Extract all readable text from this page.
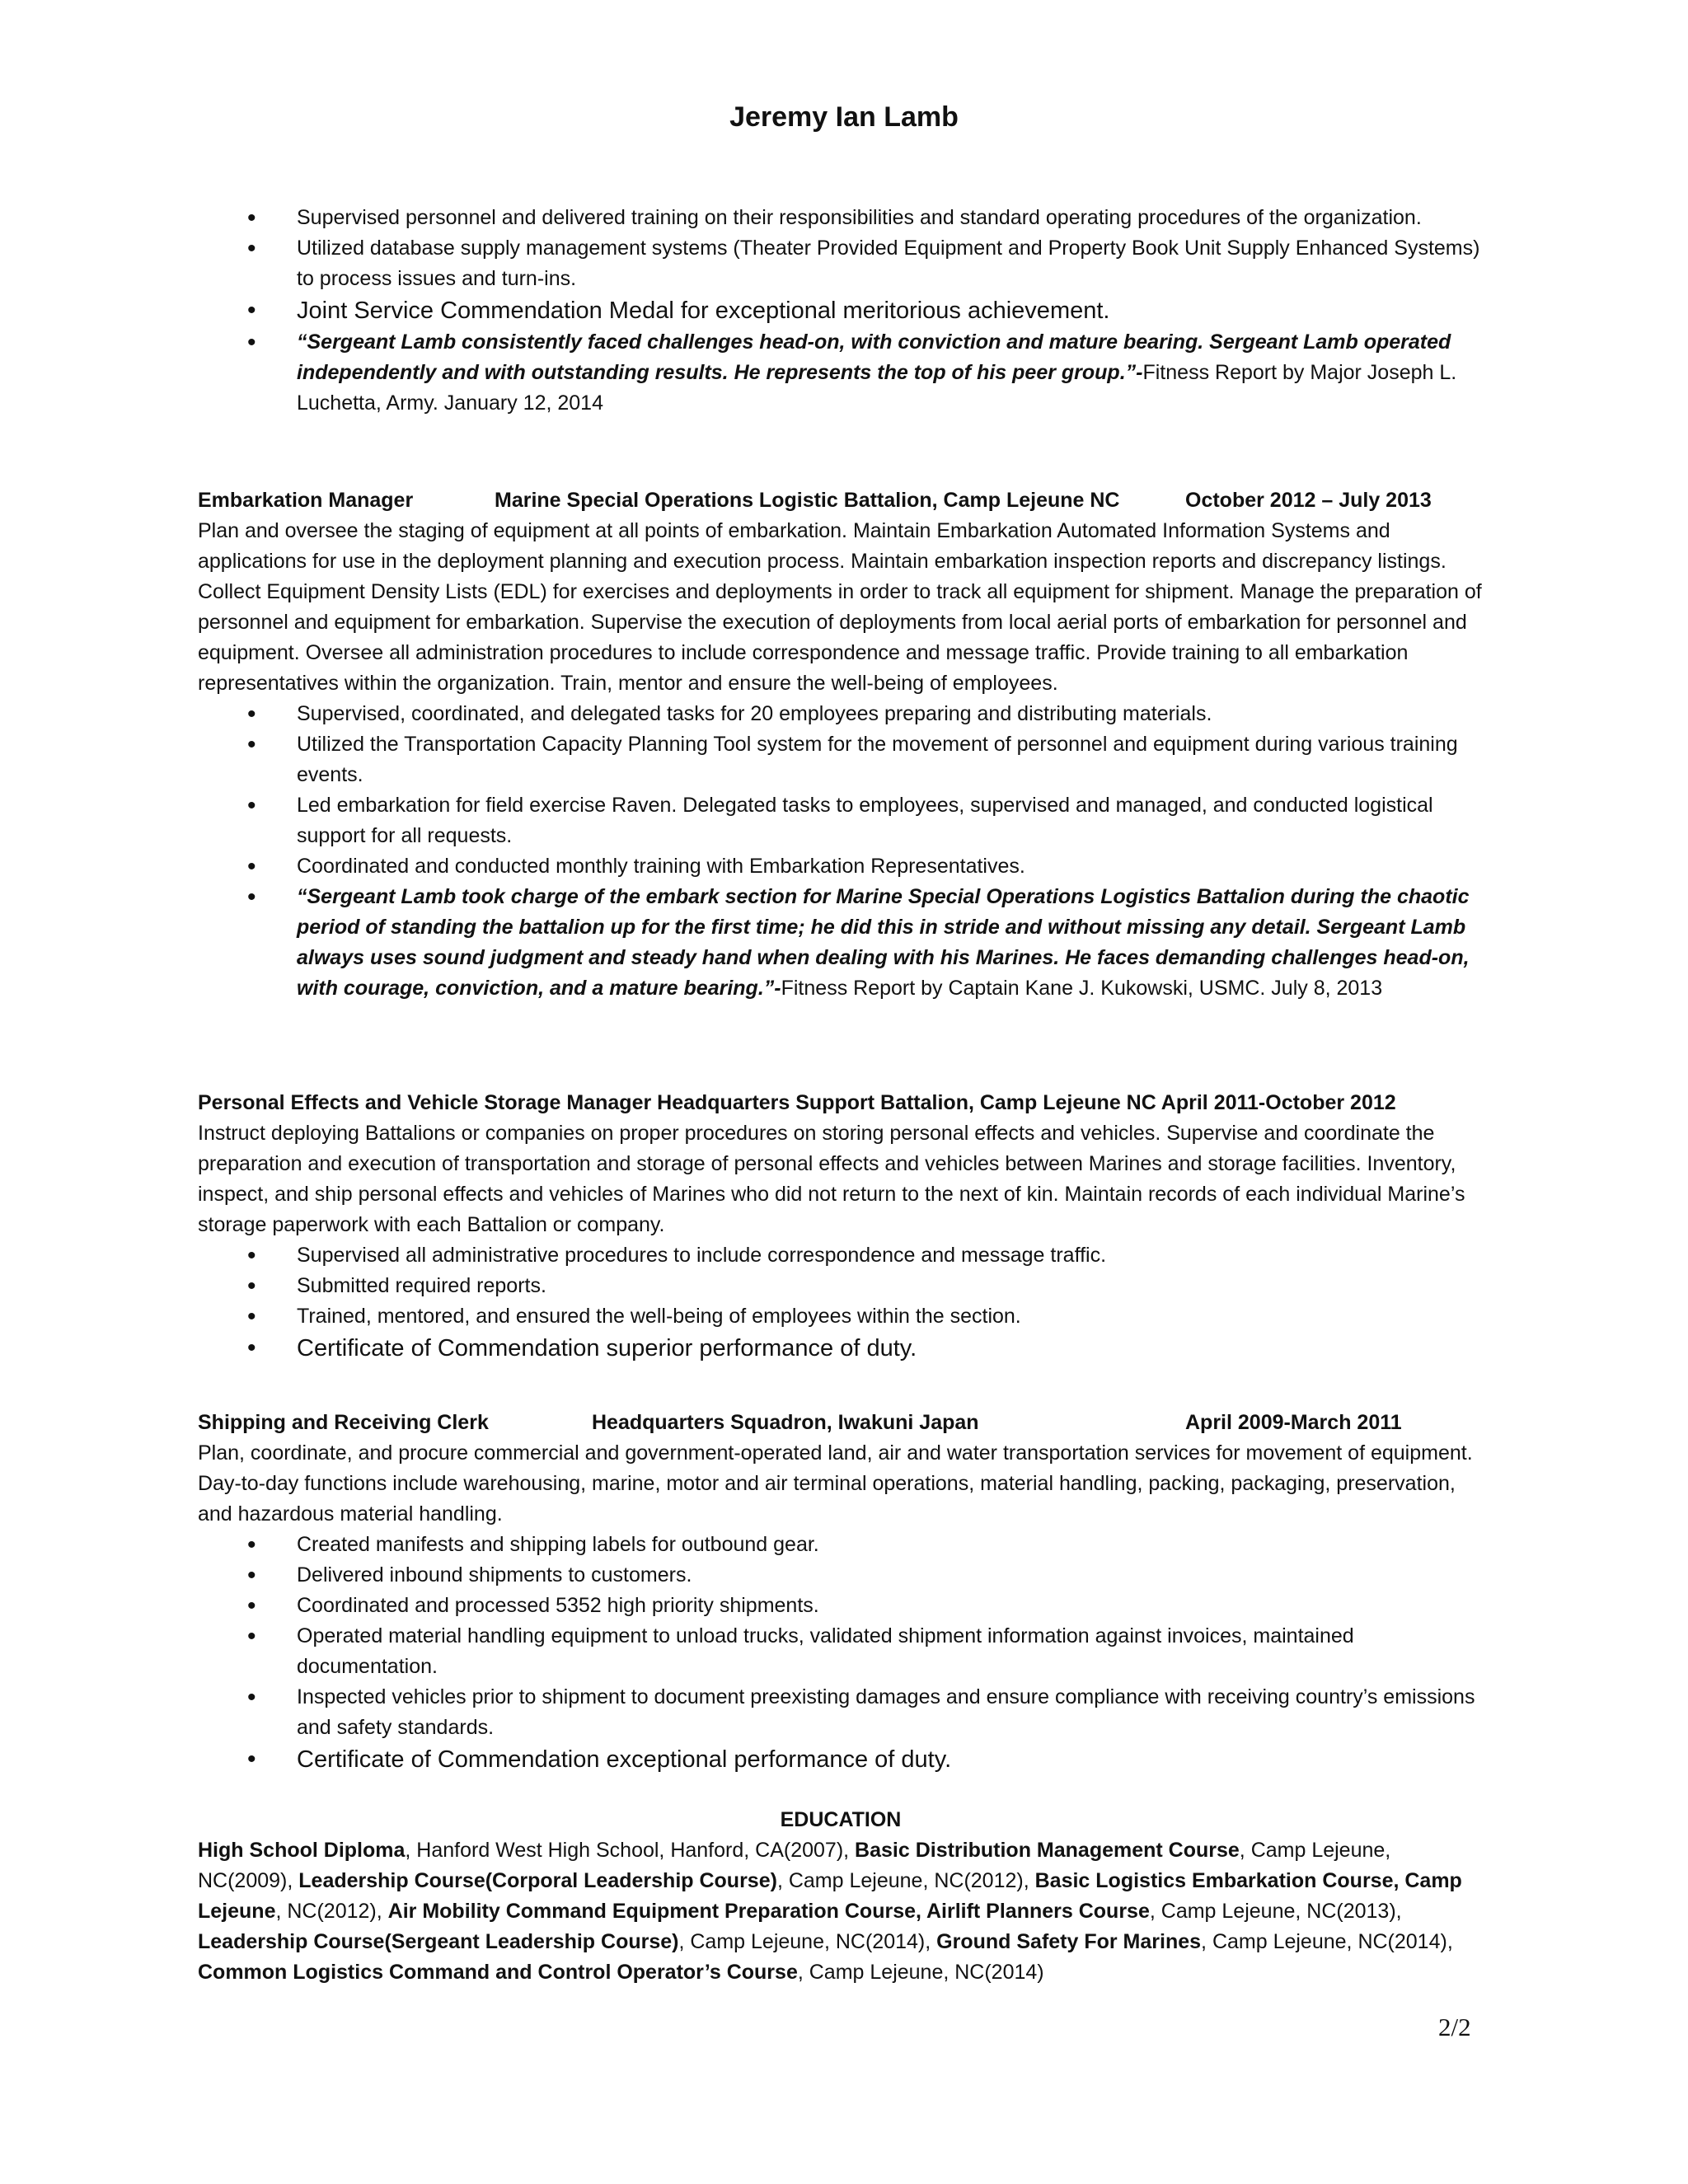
Jeremy Ian Lamb
• Supervised personnel and delivered training on their responsibilities and standard operating procedures of the organization.
• Utilized database supply management systems (Theater Provided Equipment and Property Book Unit Supply Enhanced Systems) to process issues and turn-ins.
• Joint Service Commendation Medal for exceptional meritorious achievement.
• “Sergeant Lamb consistently faced challenges head-on, with conviction and mature bearing. Sergeant Lamb operated independently and with outstanding results. He represents the top of his peer group.”-Fitness Report by Major Joseph L. Luchetta, Army. January 12, 2014
Embarkation Manager	Marine Special Operations Logistic Battalion, Camp Lejeune NC	October 2012 – July 2013

Plan and oversee the staging of equipment at all points of embarkation. Maintain Embarkation Automated Information Systems and applications for use in the deployment planning and execution process. Maintain embarkation inspection reports and discrepancy listings. Collect Equipment Density Lists (EDL) for exercises and deployments in order to track all equipment for shipment. Manage the preparation of personnel and equipment for embarkation. Supervise the execution of deployments from local aerial ports of embarkation for personnel and equipment. Oversee all administration procedures to include correspondence and message traffic. Provide training to all embarkation representatives within the organization. Train, mentor and ensure the well-being of employees.

• Supervised, coordinated, and delegated tasks for 20 employees preparing and distributing materials.
• Utilized the Transportation Capacity Planning Tool system for the movement of personnel and equipment during various training events.
• Led embarkation for field exercise Raven. Delegated tasks to employees, supervised and managed, and conducted logistical support for all requests.
• Coordinated and conducted monthly training with Embarkation Representatives.
• “Sergeant Lamb took charge of the embark section for Marine Special Operations Logistics Battalion during the chaotic period of standing the battalion up for the first time; he did this in stride and without missing any detail. Sergeant Lamb always uses sound judgment and steady hand when dealing with his Marines. He faces demanding challenges head-on, with courage, conviction, and a mature bearing.”-Fitness Report by Captain Kane J. Kukowski, USMC. July 8, 2013
Personal Effects and Vehicle Storage Manager Headquarters Support Battalion, Camp Lejeune NC April 2011-October 2012

Instruct deploying Battalions or companies on proper procedures on storing personal effects and vehicles. Supervise and coordinate the preparation and execution of transportation and storage of personal effects and vehicles between Marines and storage facilities. Inventory, inspect, and ship personal effects and vehicles of Marines who did not return to the next of kin. Maintain records of each individual Marine’s storage paperwork with each Battalion or company.

• Supervised all administrative procedures to include correspondence and message traffic.
• Submitted required reports.
• Trained, mentored, and ensured the well-being of employees within the section.
• Certificate of Commendation superior performance of duty.
Shipping and Receiving Clerk	Headquarters Squadron, Iwakuni Japan	April 2009-March 2011

Plan, coordinate, and procure commercial and government-operated land, air and water transportation services for movement of equipment. Day-to-day functions include warehousing, marine, motor and air terminal operations, material handling, packing, packaging, preservation, and hazardous material handling.

• Created manifests and shipping labels for outbound gear.
• Delivered inbound shipments to customers.
• Coordinated and processed 5352 high priority shipments.
• Operated material handling equipment to unload trucks, validated shipment information against invoices, maintained documentation.
• Inspected vehicles prior to shipment to document preexisting damages and ensure compliance with receiving country’s emissions and safety standards.
• Certificate of Commendation exceptional performance of duty.
EDUCATION

High School Diploma, Hanford West High School, Hanford, CA(2007), Basic Distribution Management Course, Camp Lejeune, NC(2009), Leadership Course(Corporal Leadership Course), Camp Lejeune, NC(2012), Basic Logistics Embarkation Course, Camp Lejeune, NC(2012), Air Mobility Command Equipment Preparation Course, Airlift Planners Course, Camp Lejeune, NC(2013), Leadership Course(Sergeant Leadership Course), Camp Lejeune, NC(2014), Ground Safety For Marines, Camp Lejeune, NC(2014), Common Logistics Command and Control Operator’s Course, Camp Lejeune, NC(2014)

2/2
